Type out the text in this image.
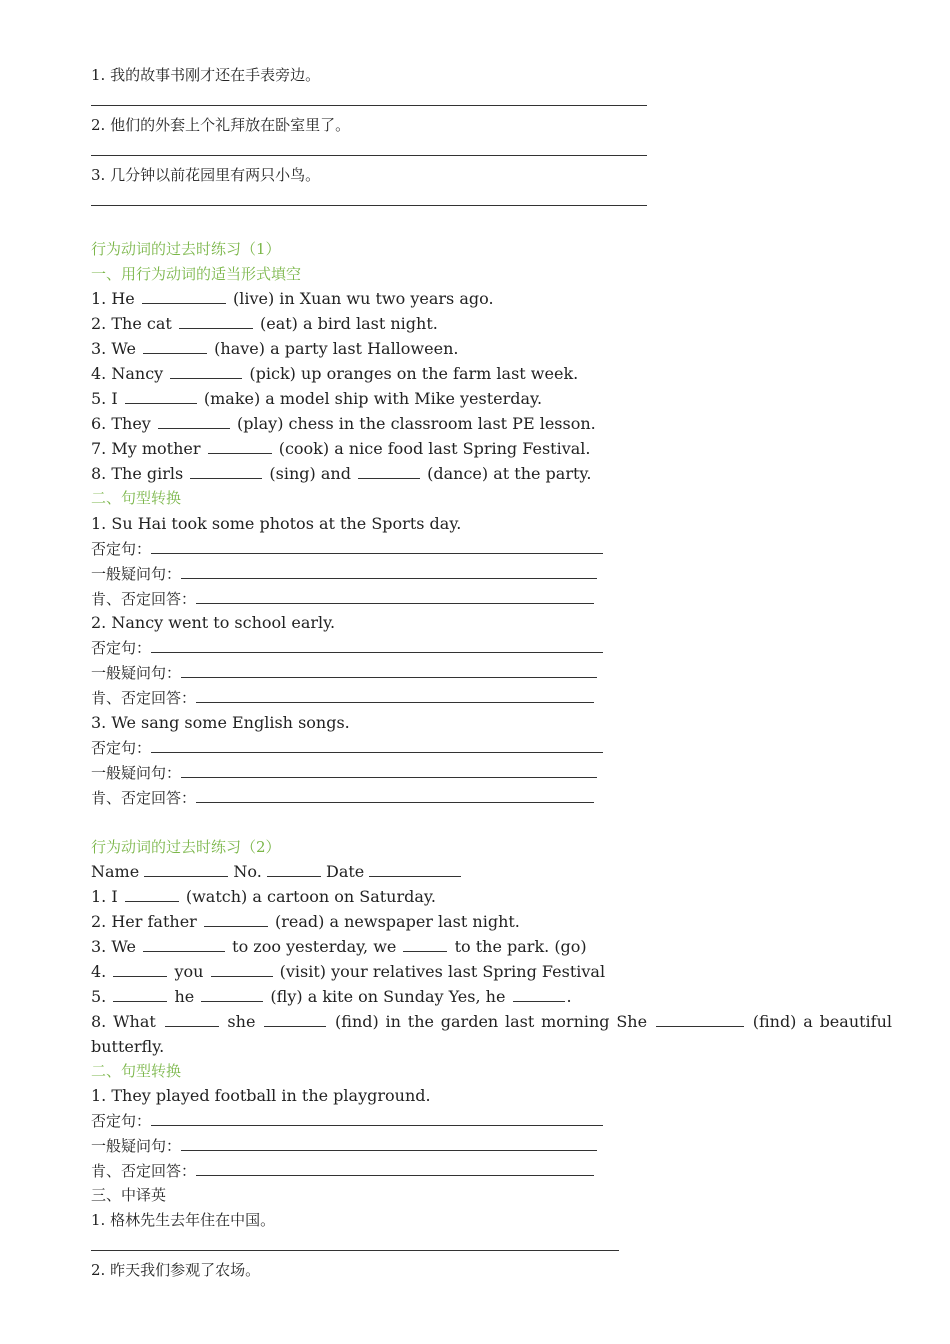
1. 我的故事书刚才还在手表旁边。
2. 他们的外套上个礼拜放在卧室里了。
3. 几分钟以前花园里有两只小鸟。
行为动词的过去时练习（1）
一、用行为动词的适当形式填空
1. He	(live) in Xuan wu two years ago.
2. The cat	(eat) a bird last night.
3. We	(have) a party last Halloween.
4. Nancy	(pick) up oranges on the farm last week.
5. I	(make) a model ship with Mike yesterday.
6. They	(play) chess in the classroom last PE lesson.
7. My mother	(cook) a nice food last Spring Festival.
8. The girls	(sing) and	(dance) at the party.
二、句型转换
1. Su Hai took some photos at the Sports day.
否定句：
一般疑问句：
肯、否定回答：
2. Nancy went to school early.
否定句：
一般疑问句：
肯、否定回答：
3. We sang some English songs.
否定句：
一般疑问句：
肯、否定回答：
行为动词的过去时练习（2）
Name	No.	Date
1. I	(watch) a cartoon on Saturday.
2. Her father	(read) a newspaper last night.
3. We	to zoo yesterday, we	to the park. (go)
4.	you	(visit) your relatives last Spring Festival
5.	he	(fly) a kite on Sunday Yes, he	.
8. What	she	(find) in the garden last morning She	(find) a beautiful
butterfly.
二、句型转换
1. They played football in the playground.
否定句：
一般疑问句：
肯、否定回答：
三、中译英
1. 格林先生去年住在中国。
2. 昨天我们参观了农场。
